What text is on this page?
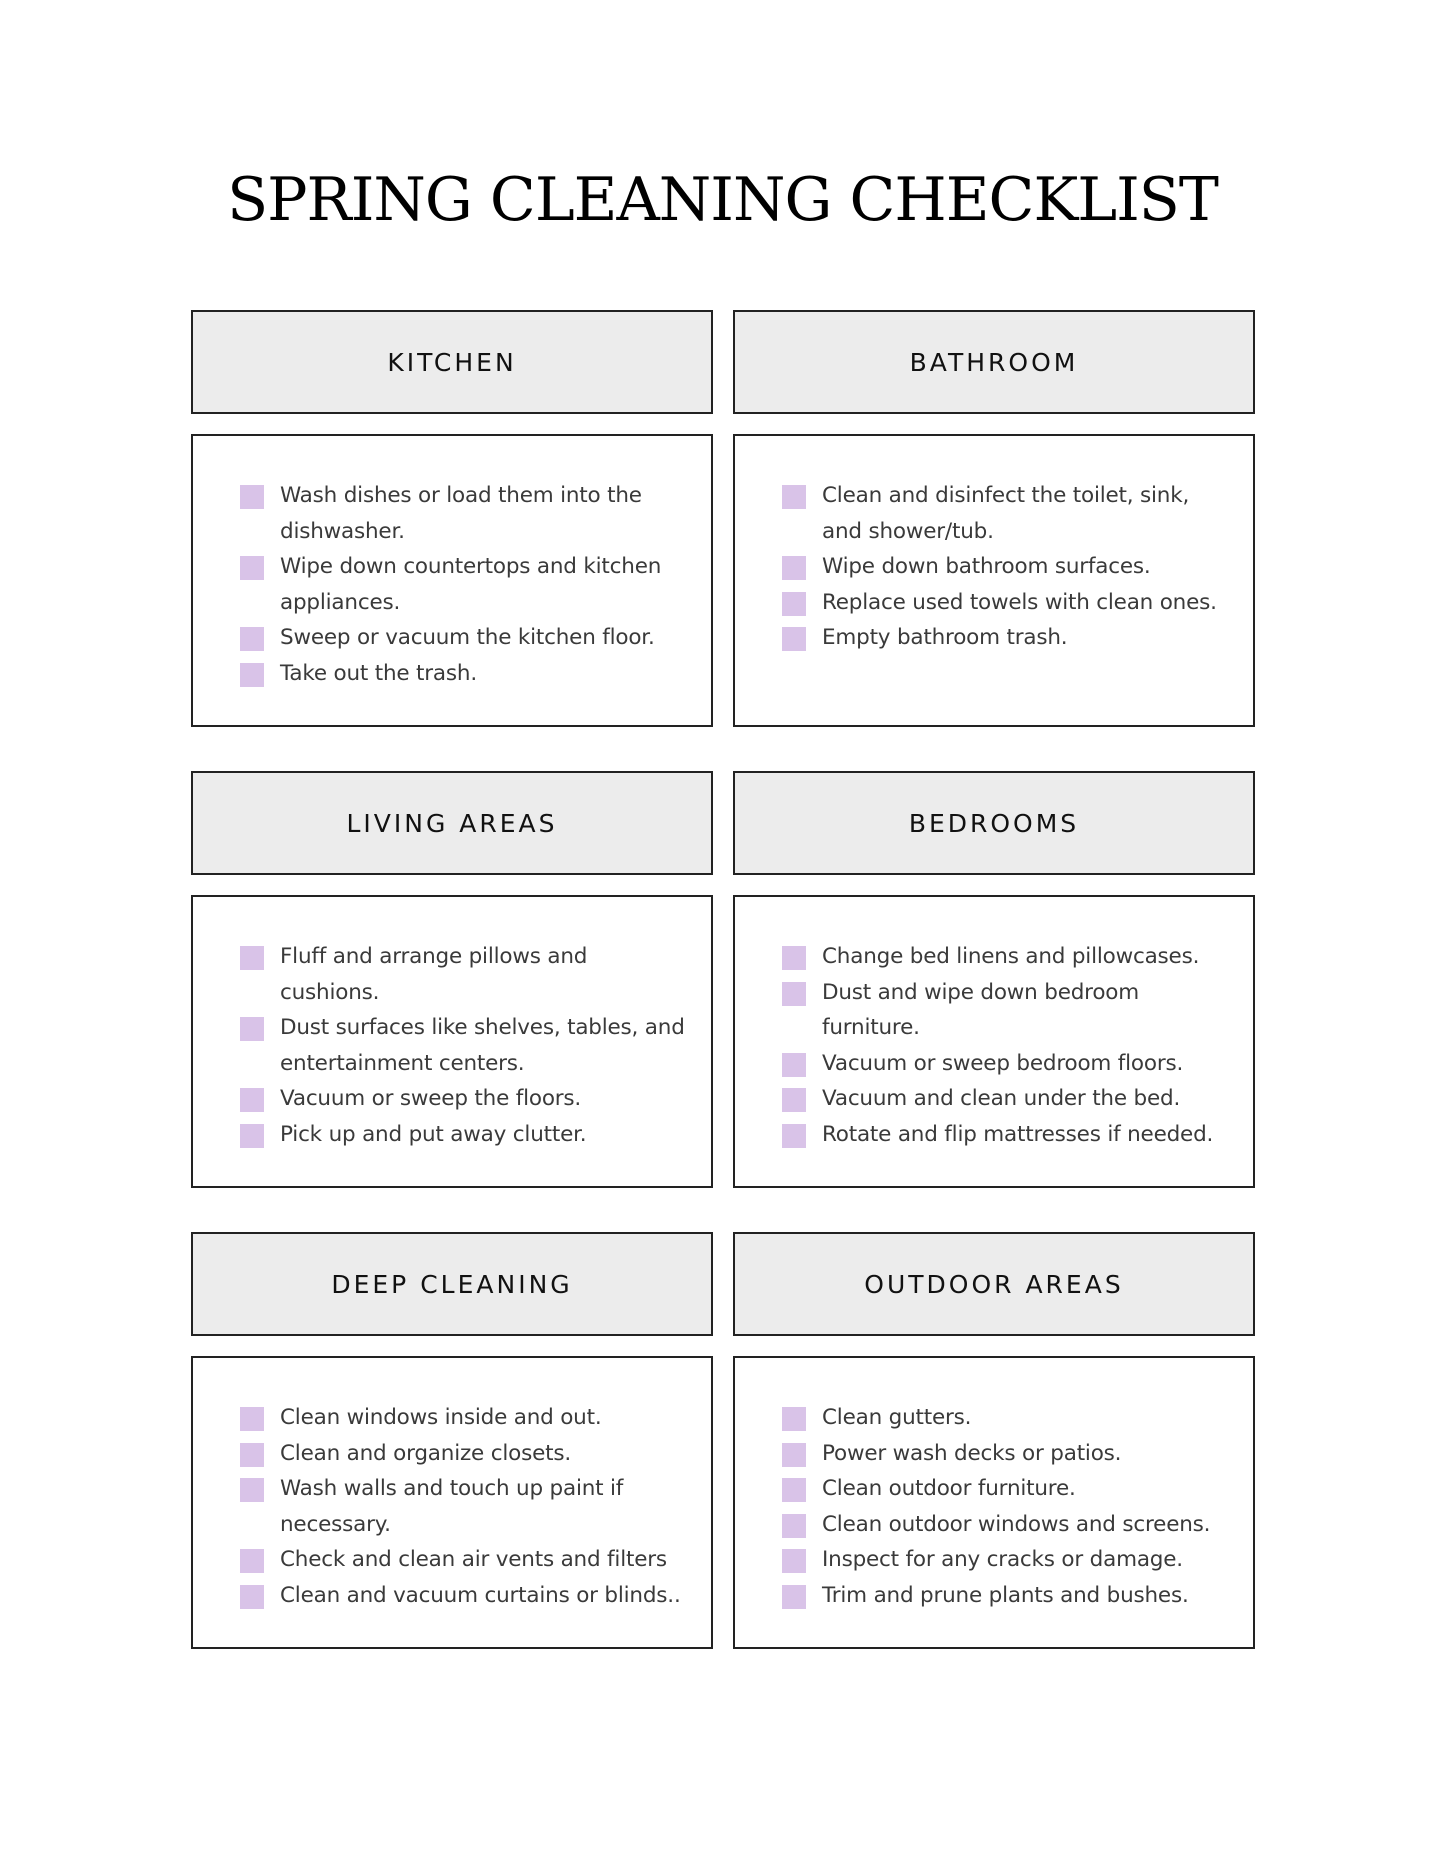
SPRING CLEANING CHECKLIST
KITCHEN
Wash dishes or load them into the dishwasher.
Wipe down countertops and kitchen appliances.
Sweep or vacuum the kitchen floor.
Take out the trash.
BATHROOM
Clean and disinfect the toilet, sink, and shower/tub.
Wipe down bathroom surfaces.
Replace used towels with clean ones.
Empty bathroom trash.
LIVING AREAS
Fluff and arrange pillows and cushions.
Dust surfaces like shelves, tables, and entertainment centers.
Vacuum or sweep the floors.
Pick up and put away clutter.
BEDROOMS
Change bed linens and pillowcases.
Dust and wipe down bedroom furniture.
Vacuum or sweep bedroom floors.
Vacuum and clean under the bed.
Rotate and flip mattresses if needed.
DEEP CLEANING
Clean windows inside and out.
Clean and organize closets.
Wash walls and touch up paint if necessary.
Check and clean air vents and filters
Clean and vacuum curtains or blinds..
OUTDOOR AREAS
Clean gutters.
Power wash decks or patios.
Clean outdoor furniture.
Clean outdoor windows and screens.
Inspect for any cracks or damage.
Trim and prune plants and bushes.
